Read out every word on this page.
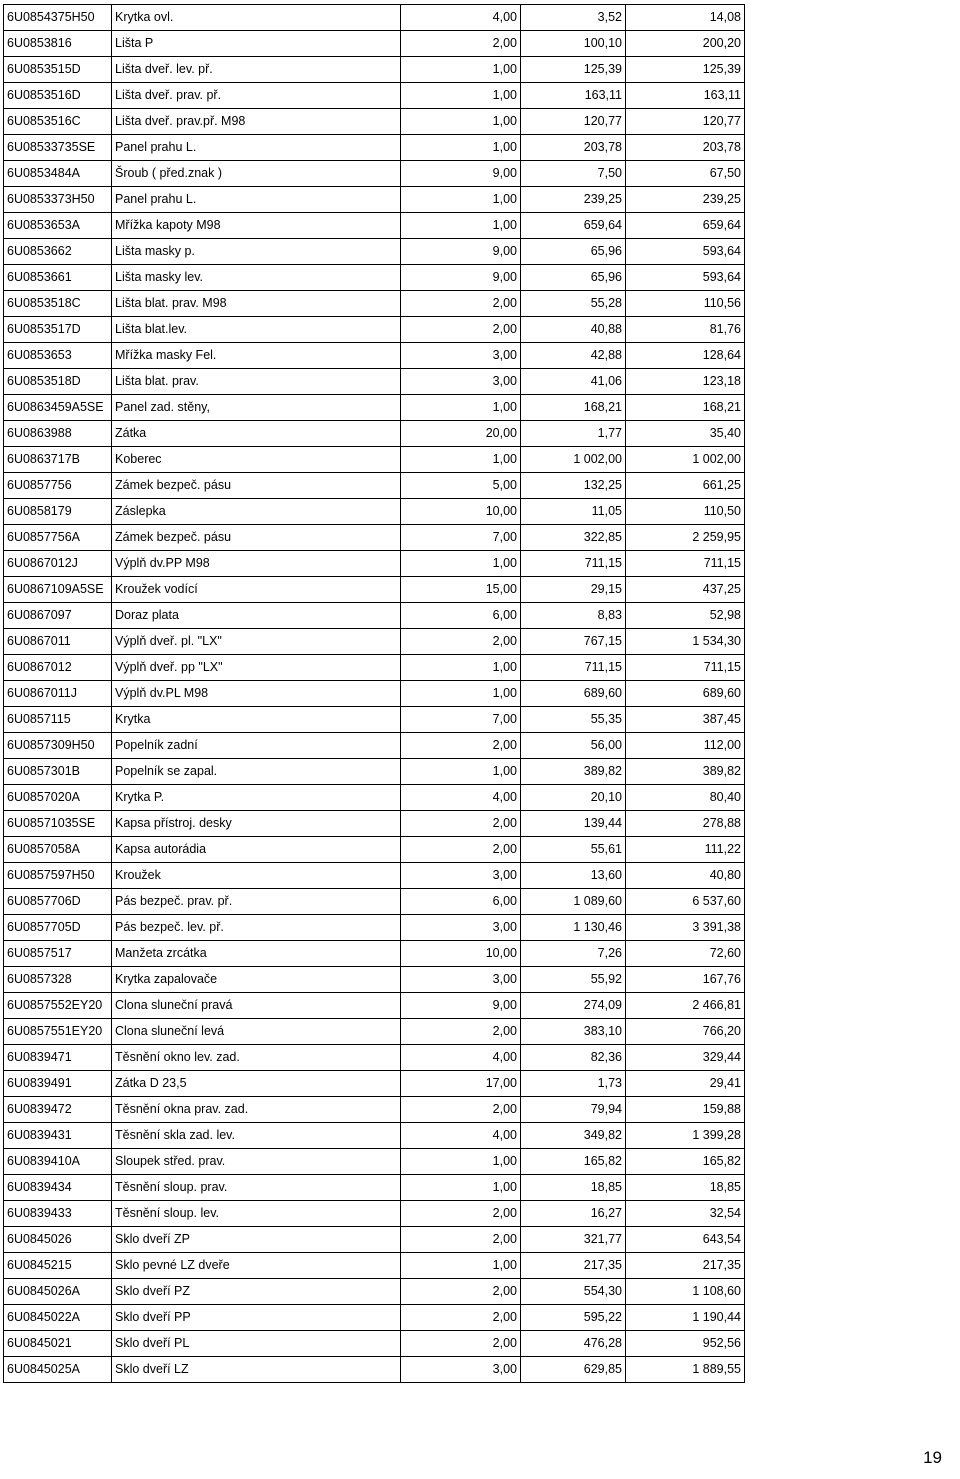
6U0854375H50	Krytka ovl.	4,00	3,52	14,08
6U0853816	Lišta P	2,00	100,10	200,20
6U0853515D	Lišta dveř. lev. př.	1,00	125,39	125,39
6U0853516D	Lišta dveř. prav. př.	1,00	163,11	163,11
6U0853516C	Lišta dveř. prav.př. M98	1,00	120,77	120,77
6U08533735SE	Panel prahu L.	1,00	203,78	203,78
6U0853484A	Šroub ( před.znak )	9,00	7,50	67,50
6U0853373H50	Panel prahu L.	1,00	239,25	239,25
6U0853653A	Mřížka kapoty M98	1,00	659,64	659,64
6U0853662	Lišta masky p.	9,00	65,96	593,64
6U0853661	Lišta masky lev.	9,00	65,96	593,64
6U0853518C	Lišta blat. prav. M98	2,00	55,28	110,56
6U0853517D	Lišta blat.lev.	2,00	40,88	81,76
6U0853653	Mřížka masky Fel.	3,00	42,88	128,64
6U0853518D	Lišta blat. prav.	3,00	41,06	123,18
6U0863459A5SE	Panel zad. stěny,	1,00	168,21	168,21
6U0863988	Zátka	20,00	1,77	35,40
6U0863717B	Koberec	1,00	1 002,00	1 002,00
6U0857756	Zámek bezpeč. pásu	5,00	132,25	661,25
6U0858179	Záslepka	10,00	11,05	110,50
6U0857756A	Zámek bezpeč. pásu	7,00	322,85	2 259,95
6U0867012J	Výplň dv.PP M98	1,00	711,15	711,15
6U0867109A5SE	Kroužek vodící	15,00	29,15	437,25
6U0867097	Doraz plata	6,00	8,83	52,98
6U0867011	Výplň dveř. pl. "LX"	2,00	767,15	1 534,30
6U0867012	Výplň dveř. pp "LX"	1,00	711,15	711,15
6U0867011J	Výplň dv.PL M98	1,00	689,60	689,60
6U0857115	Krytka	7,00	55,35	387,45
6U0857309H50	Popelník zadní	2,00	56,00	112,00
6U0857301B	Popelník se zapal.	1,00	389,82	389,82
6U0857020A	Krytka P.	4,00	20,10	80,40
6U08571035SE	Kapsa přístroj. desky	2,00	139,44	278,88
6U0857058A	Kapsa autorádia	2,00	55,61	111,22
6U0857597H50	Kroužek	3,00	13,60	40,80
6U0857706D	Pás bezpeč. prav. př.	6,00	1 089,60	6 537,60
6U0857705D	Pás bezpeč. lev. př.	3,00	1 130,46	3 391,38
6U0857517	Manžeta zrcátka	10,00	7,26	72,60
6U0857328	Krytka zapalovače	3,00	55,92	167,76
6U0857552EY20	Clona sluneční pravá	9,00	274,09	2 466,81
6U0857551EY20	Clona sluneční levá	2,00	383,10	766,20
6U0839471	Těsnění okno lev. zad.	4,00	82,36	329,44
6U0839491	Zátka D 23,5	17,00	1,73	29,41
6U0839472	Těsnění okna prav. zad.	2,00	79,94	159,88
6U0839431	Těsnění skla zad. lev.	4,00	349,82	1 399,28
6U0839410A	Sloupek střed. prav.	1,00	165,82	165,82
6U0839434	Těsnění sloup. prav.	1,00	18,85	18,85
6U0839433	Těsnění sloup. lev.	2,00	16,27	32,54
6U0845026	Sklo dveří ZP	2,00	321,77	643,54
6U0845215	Sklo pevné LZ dveře	1,00	217,35	217,35
6U0845026A	Sklo dveří PZ	2,00	554,30	1 108,60
6U0845022A	Sklo dveří PP	2,00	595,22	1 190,44
6U0845021	Sklo dveří PL	2,00	476,28	952,56
6U0845025A	Sklo dveří LZ	3,00	629,85	1 889,55
19
